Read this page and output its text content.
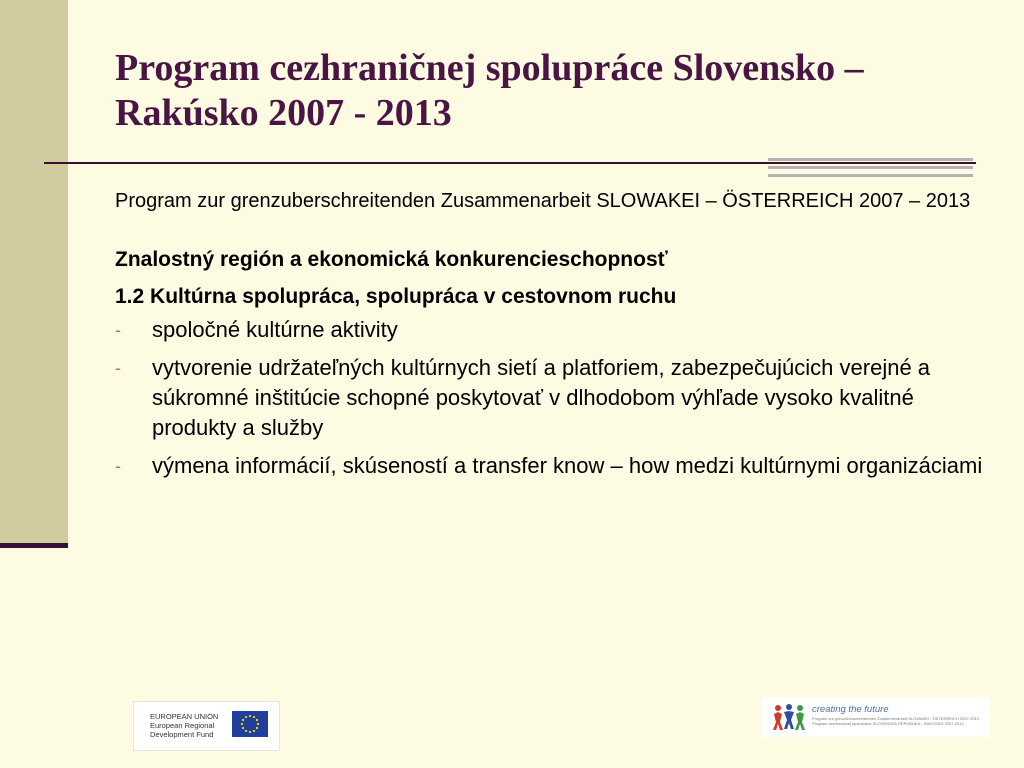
Program cezhraničnej spolupráce Slovensko –
Rakúsko 2007 - 2013

Program zur grenzuberschreitenden Zusammenarbeit SLOWAKEI – ÖSTERREICH 2007 – 2013

Znalostný región a ekonomická konkurencieschopnosť

1.2 Kultúrna spolupráca, spolupráca v cestovnom ruchu

- spoločné kultúrne aktivity
- vytvorenie udržateľných kultúrnych sietí a platforiem, zabezpečujúcich verejné a súkromné inštitúcie schopné poskytovať v dlhodobom výhľade vysoko kvalitné produkty a služby
- výmena informácií, skúseností a transfer know – how medzi kultúrnymi organizáciami
EUROPEAN UNION
European Regional
Development Fund
creating the future
Program zur grenzüberschreitenden Zusammenarbeit SLOWAKEI - ÖSTERREICH 2007-2013
Program cezhraničnej spolupráce SLOVENSKÁ REPUBLIKA - RAKÚSKO 2007-2013
